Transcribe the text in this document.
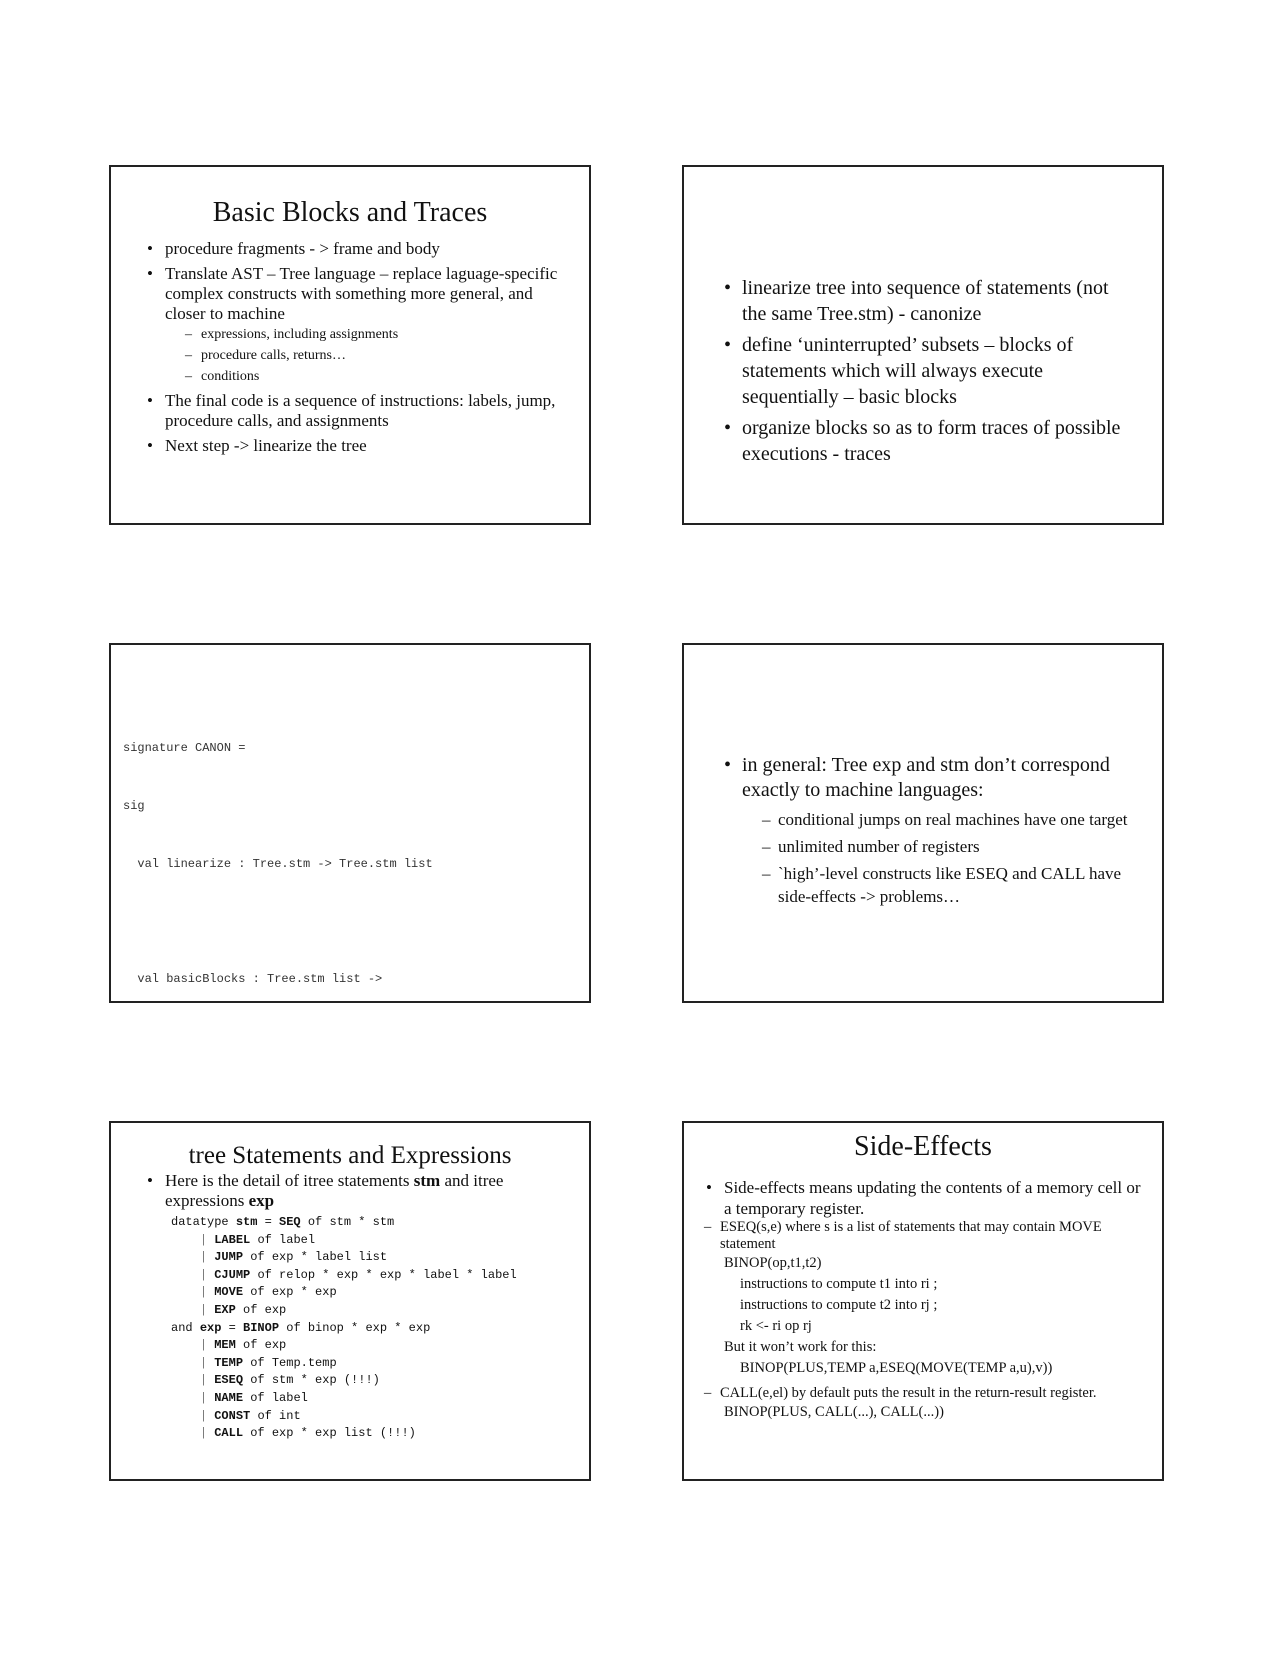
Basic Blocks and Traces
• procedure fragments - > frame and body
• Translate AST – Tree language – replace laguage-specific complex constructs with something more general, and closer to machine
– expressions, including assignments
– procedure calls, returns…
– conditions
• The final code is a sequence of instructions: labels, jump, procedure calls, and assignments
• Next step -> linearize the tree
• linearize tree into sequence of statements (not the same Tree.stm) - canonize
• define ‘uninterrupted’ subsets – blocks of statements which will always execute sequentially – basic blocks
• organize blocks so as to form traces of possible executions - traces

signature CANON =

sig

val linearize : Tree.stm -> Tree.stm list

val basicBlocks : Tree.stm list ->

• in general: Tree exp and stm don’t correspond exactly to machine languages:
– conditional jumps on real machines have one target
– unlimited number of registers
– `high’-level constructs like ESEQ and CALL have side-effects -> problems…
tree Statements and Expressions
• Here is the detail of itree statements stm and itree expressions exp
datatype stm = SEQ of stm * stm
| LABEL of label
| JUMP of exp * label list
| CJUMP of relop * exp * exp * label * label
| MOVE of exp * exp
| EXP of exp
and exp = BINOP of binop * exp * exp
| MEM of exp
| TEMP of Temp.temp
| ESEQ of stm * exp (!!!)
| NAME of label
| CONST of int
| CALL of exp * exp list (!!!)
Side-Effects
• Side-effects means updating the contents of a memory cell or a temporary register.
– ESEQ(s,e) where s is a list of statements that may contain MOVE statement
BINOP(op,t1,t2)
instructions to compute t1 into ri ;
instructions to compute t2 into rj ;
rk <- ri op rj
But it won’t work for this:
BINOP(PLUS,TEMP a,ESEQ(MOVE(TEMP a,u),v))
– CALL(e,el) by default puts the result in the return-result register.
BINOP(PLUS, CALL(...), CALL(...))
